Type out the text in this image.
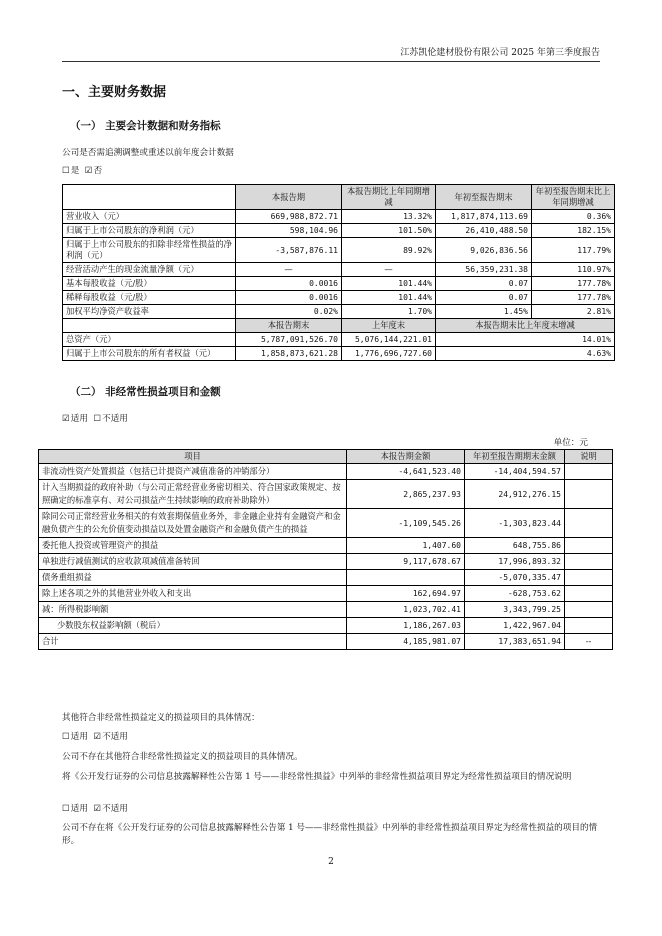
江苏凯伦建材股份有限公司 2025 年第三季度报告
一、主要财务数据
（一） 主要会计数据和财务指标
公司是否需追溯调整或重述以前年度会计数据
☐是 ☑否
	本报告期	本报告期比上年同期增减	年初至报告期末	年初至报告期末比上年同期增减
营业收入（元）	669,988,872.71	13.32%	1,817,874,113.69	0.36%
归属于上市公司股东的净利润（元）	598,104.96	101.50%	26,410,488.50	182.15%
归属于上市公司股东的扣除非经常性损益的净利润（元）	-3,587,876.11	89.92%	9,026,836.56	117.79%
经营活动产生的现金流量净额（元）	—	—	56,359,231.38	110.97%
基本每股收益（元/股）	0.0016	101.44%	0.07	177.78%
稀释每股收益（元/股）	0.0016	101.44%	0.07	177.78%
加权平均净资产收益率	0.02%	1.70%	1.45%	2.81%
	本报告期末	上年度末	本报告期末比上年度末增减	
总资产（元）	5,787,091,526.70	5,076,144,221.01	14.01%	
归属于上市公司股东的所有者权益（元）	1,858,873,621.28	1,776,696,727.60	4.63%	
（二） 非经常性损益项目和金额
☑适用 ☐不适用
单位：元
项目	本报告期金额	年初至报告期期末金额	说明
非流动性资产处置损益（包括已计提资产减值准备的冲销部分）	-4,641,523.40	-14,404,594.57	
计入当期损益的政府补助（与公司正常经营业务密切相关、符合国家政策规定、按照确定的标准享有、对公司损益产生持续影响的政府补助除外）	2,865,237.93	24,912,276.15	
除同公司正常经营业务相关的有效套期保值业务外，非金融企业持有金融资产和金融负债产生的公允价值变动损益以及处置金融资产和金融负债产生的损益	-1,109,545.26	-1,303,823.44	
委托他人投资或管理资产的损益	1,407.60	648,755.86	
单独进行减值测试的应收款项减值准备转回	9,117,678.67	17,996,893.32	
债务重组损益		-5,070,335.47	
除上述各项之外的其他营业外收入和支出	162,694.97	-628,753.62	
减：所得税影响额	1,023,702.41	3,343,799.25	
少数股东权益影响额（税后）	1,186,267.03	1,422,967.04	
合计	4,185,981.07	17,383,651.94	--
其他符合非经常性损益定义的损益项目的具体情况：
☐适用 ☑不适用
公司不存在其他符合非经常性损益定义的损益项目的具体情况。
将《公开发行证券的公司信息披露解释性公告第 1 号——非经常性损益》中列举的非经常性损益项目界定为经常性损益项目的情况说明
☐适用 ☑不适用
公司不存在将《公开发行证券的公司信息披露解释性公告第 1 号——非经常性损益》中列举的非经常性损益项目界定为经常性损益的项目的情形。
2
